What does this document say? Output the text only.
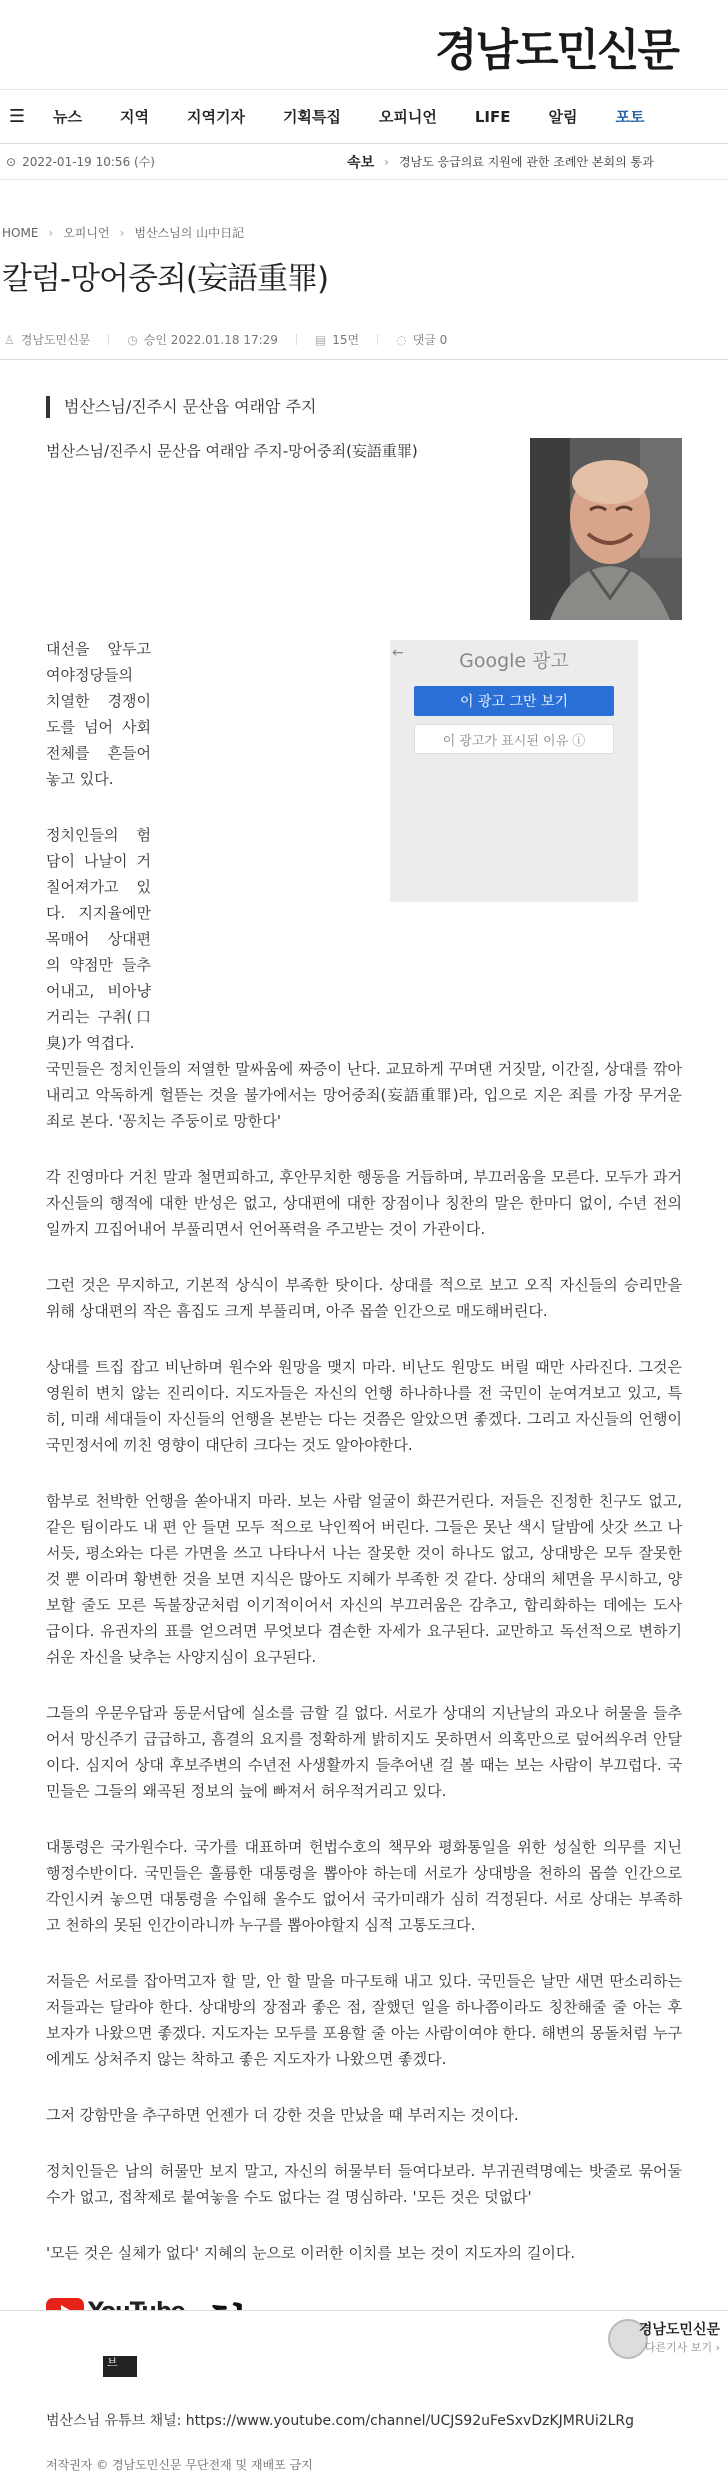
경남도민신문
☰	뉴스	지역	지역기자	기획특집	오피니언	LIFE	알림	포토
⊙ 2022-01-19 10:56 (수)	속보 › 경남도 응급의료 지원에 관한 조례안 본회의 통과
HOME › 오피니언 › 범산스님의 山中日記
칼럼-망어중죄(妄語重罪)
♙ 경남도민신문	◷ 승인 2022.01.18 17:29	▤ 15면	◌ 댓글 0
범산스님/진주시 문산읍 여래암 주지
범산스님/진주시 문산읍 여래암 주지-망어중죄(妄語重罪)
←	Google 광고
이 광고 그만 보기
이 광고가 표시된 이유 ⓘ
대선을 앞두고 여야정당들의 치열한 경쟁이 도를 넘어 사회전체를 흔들어 놓고 있다.
정치인들의 험담이 나날이 거칠어져가고 있다. 지지율에만 목매어 상대편의 약점만 들추어내고, 비아냥거리는 구취(口臭)가 역겹다.
국민들은 정치인들의 저열한 말싸움에 짜증이 난다. 교묘하게 꾸며댄 거짓말, 이간질, 상대를 깎아 내리고 악독하게 헐뜯는 것을 불가에서는 망어중죄(妄語重罪)라, 입으로 지은 죄를 가장 무거운 죄로 본다. '꽁치는 주둥이로 망한다'
각 진영마다 거친 말과 철면피하고, 후안무치한 행동을 거듭하며, 부끄러움을 모른다. 모두가 과거 자신들의 행적에 대한 반성은 없고, 상대편에 대한 장점이나 칭찬의 말은 한마디 없이, 수년 전의 일까지 끄집어내어 부풀리면서 언어폭력을 주고받는 것이 가관이다.
그런 것은 무지하고, 기본적 상식이 부족한 탓이다. 상대를 적으로 보고 오직 자신들의 승리만을 위해 상대편의 작은 흠집도 크게 부풀리며, 아주 몹쓸 인간으로 매도해버린다.
상대를 트집 잡고 비난하며 원수와 원망을 맺지 마라. 비난도 원망도 버릴 때만 사라진다. 그것은 영원히 변치 않는 진리이다. 지도자들은 자신의 언행 하나하나를 전 국민이 눈여겨보고 있고, 특히, 미래 세대들이 자신들의 언행을 본받는 다는 것쯤은 알았으면 좋겠다. 그리고 자신들의 언행이 국민정서에 끼친 영향이 대단히 크다는 것도 알아야한다.
함부로 천박한 언행을 쏟아내지 마라. 보는 사람 얼굴이 화끈거린다. 저들은 진정한 친구도 없고, 같은 팀이라도 내 편 안 들면 모두 적으로 낙인찍어 버린다. 그들은 못난 색시 달밤에 삿갓 쓰고 나서듯, 평소와는 다른 가면을 쓰고 나타나서 나는 잘못한 것이 하나도 없고, 상대방은 모두 잘못한 것 뿐 이라며 황변한 것을 보면 지식은 많아도 지혜가 부족한 것 같다. 상대의 체면을 무시하고, 양보할 줄도 모른 독불장군처럼 이기적이어서 자신의 부끄러움은 감추고, 합리화하는 데에는 도사 급이다. 유권자의 표를 얻으려면 무엇보다 겸손한 자세가 요구된다. 교만하고 독선적으로 변하기 쉬운 자신을 낮추는 사양지심이 요구된다.
그들의 우문우답과 동문서답에 실소를 금할 길 없다. 서로가 상대의 지난날의 과오나 허물을 들추어서 망신주기 급급하고, 흠결의 요지를 정확하게 밝히지도 못하면서 의혹만으로 덮어씌우려 안달이다. 심지어 상대 후보주변의 수년전 사생활까지 들추어낸 걸 볼 때는 보는 사람이 부끄럽다. 국민들은 그들의 왜곡된 정보의 늪에 빠져서 허우적거리고 있다.
대통령은 국가원수다. 국가를 대표하며 헌법수호의 책무와 평화통일을 위한 성실한 의무를 지닌 행정수반이다. 국민들은 훌륭한 대통령을 뽑아야 하는데 서로가 상대방을 천하의 몹쓸 인간으로 각인시켜 놓으면 대통령을 수입해 올수도 없어서 국가미래가 심히 걱정된다. 서로 상대는 부족하고 천하의 못된 인간이라니까 누구를 뽑아야할지 심적 고통도크다.
저들은 서로를 잡아먹고자 할 말, 안 할 말을 마구토해 내고 있다. 국민들은 날만 새면 딴소리하는 저들과는 달라야 한다. 상대방의 장점과 좋은 점, 잘했던 일을 하나쯤이라도 칭찬해줄 줄 아는 후보자가 나왔으면 좋겠다. 지도자는 모두를 포용할 줄 아는 사람이여야 한다. 해변의 몽돌처럼 누구에게도 상처주지 않는 착하고 좋은 지도자가 나왔으면 좋겠다.
그저 강함만을 추구하면 언젠가 더 강한 것을 만났을 때 부러지는 것이다.
정치인들은 남의 허물만 보지 말고, 자신의 허물부터 들여다보라. 부귀권력명예는 밧줄로 묶어둘 수가 없고, 접착제로 붙여놓을 수도 없다는 걸 명심하라. '모든 것은 덧없다'
'모든 것은 실체가 없다' 지혜의 눈으로 이러한 이치를 보는 것이 지도자의 길이다.
브
범산스님 유튜브 채널: https://www.youtube.com/channel/UCJS92uFeSxvDzKJMRUi2LRg
저작권자 © 경남도민신문 무단전재 및 재배포 금지
경남도민신문
다른기사 보기 ›
